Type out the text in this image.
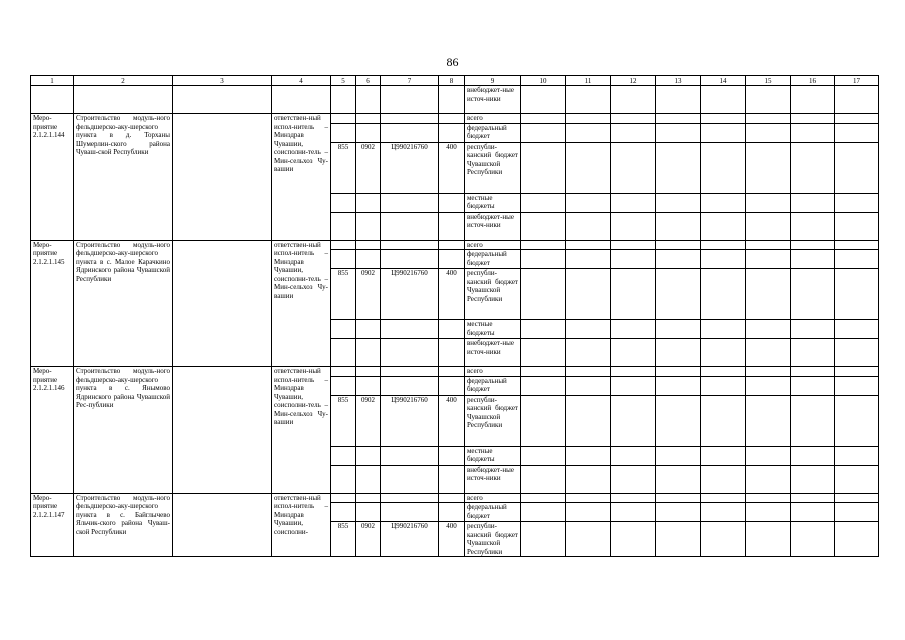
86
1	2	3	4	5	6	7	8	9	10	11	12	13	14	15	16	17
								внебюджет-ные источ-ники								
Меро-приятие 2.1.2.1.144	Строительство модуль-ного фельдшерско-аку-шерского пункта в д. Торханы Шумерлин-ского района Чуваш-ской Республики		ответствен-ный испол-нитель – Минздрав Чувашии, соисполни-тель – Мин-сельхоз Чу-вашии					всего								
								федеральный бюджет								
				855	0902	Ц990216760	400	республи-канский бюджет Чувашской Республики								
								местные бюджеты								
								внебюджет-ные источ-ники								
Меро-приятие 2.1.2.1.145	Строительство модуль-ного фельдшерско-аку-шерского пункта в с. Малое Карачкино Ядринского района Чувашской Республики		ответствен-ный испол-нитель – Минздрав Чувашии, соисполни-тель – Мин-сельхоз Чу-вашии					всего								
								федеральный бюджет								
				855	0902	Ц990216760	400	республи-канский бюджет Чувашской Республики								
								местные бюджеты								
								внебюджет-ные источ-ники								
Меро-приятие 2.1.2.1.146	Строительство модуль-ного фельдшерско-аку-шерского пункта в с. Янымово Ядринского района Чувашской Рес-публики		ответствен-ный испол-нитель – Минздрав Чувашии, соисполни-тель – Мин-сельхоз Чу-вашии					всего								
								федеральный бюджет								
				855	0902	Ц990216760	400	республи-канский бюджет Чувашской Республики								
								местные бюджеты								
								внебюджет-ные источ-ники								
Меро-приятие 2.1.2.1.147	Строительство модуль-ного фельдшерско-аку-шерского пункта в с. Байглычево Яльчик-ского района Чуваш-ской Республики		ответствен-ный испол-нитель – Минздрав Чувашии, соисполни-					всего								
								федеральный бюджет								
				855	0902	Ц990216760	400	республи-канский бюджет Чувашской Республики								
